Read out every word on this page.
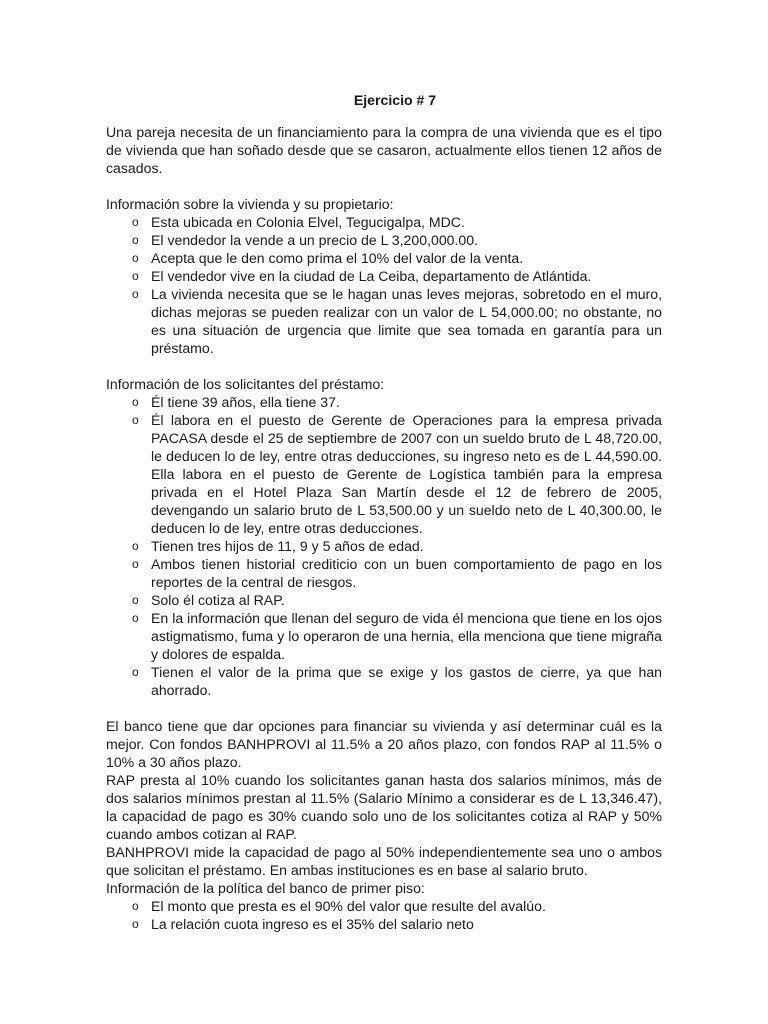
Ejercicio # 7

Una pareja necesita de un financiamiento para la compra de una vivienda que es el tipo de vivienda que han soñado desde que se casaron, actualmente ellos tienen 12 años de casados.

Información sobre la vivienda y su propietario:

o Esta ubicada en Colonia Elvel, Tegucigalpa, MDC.
o El vendedor la vende a un precio de L 3,200,000.00.
o Acepta que le den como prima el 10% del valor de la venta.
o El vendedor vive en la ciudad de La Ceiba, departamento de Atlántida.
o La vivienda necesita que se le hagan unas leves mejoras, sobretodo en el muro, dichas mejoras se pueden realizar con un valor de L 54,000.00; no obstante, no es una situación de urgencia que limite que sea tomada en garantía para un préstamo.

Información de los solicitantes del préstamo:

o Él tiene 39 años, ella tiene 37.
o Él labora en el puesto de Gerente de Operaciones para la empresa privada PACASA desde el 25 de septiembre de 2007 con un sueldo bruto de L 48,720.00, le deducen lo de ley, entre otras deducciones, su ingreso neto es de L 44,590.00. Ella labora en el puesto de Gerente de Logística también para la empresa privada en el Hotel Plaza San Martín desde el 12 de febrero de 2005, devengando un salario bruto de L 53,500.00 y un sueldo neto de L 40,300.00, le deducen lo de ley, entre otras deducciones.
o Tienen tres hijos de 11, 9 y 5 años de edad.
o Ambos tienen historial crediticio con un buen comportamiento de pago en los reportes de la central de riesgos.
o Solo él cotiza al RAP.
o En la información que llenan del seguro de vida él menciona que tiene en los ojos astigmatismo, fuma y lo operaron de una hernia, ella menciona que tiene migraña y dolores de espalda.
o Tienen el valor de la prima que se exige y los gastos de cierre, ya que han ahorrado.

El banco tiene que dar opciones para financiar su vivienda y así determinar cuál es la mejor. Con fondos BANHPROVI al 11.5% a 20 años plazo, con fondos RAP al 11.5% o 10% a 30 años plazo.

RAP presta al 10% cuando los solicitantes ganan hasta dos salarios mínimos, más de dos salarios mínimos prestan al 11.5% (Salario Mínimo a considerar es de L 13,346.47), la capacidad de pago es 30% cuando solo uno de los solicitantes cotiza al RAP y 50% cuando ambos cotizan al RAP.

BANHPROVI mide la capacidad de pago al 50% independientemente sea uno o ambos que solicitan el préstamo. En ambas instituciones es en base al salario bruto.

Información de la política del banco de primer piso:

o El monto que presta es el 90% del valor que resulte del avalúo.
o La relación cuota ingreso es el 35% del salario neto
